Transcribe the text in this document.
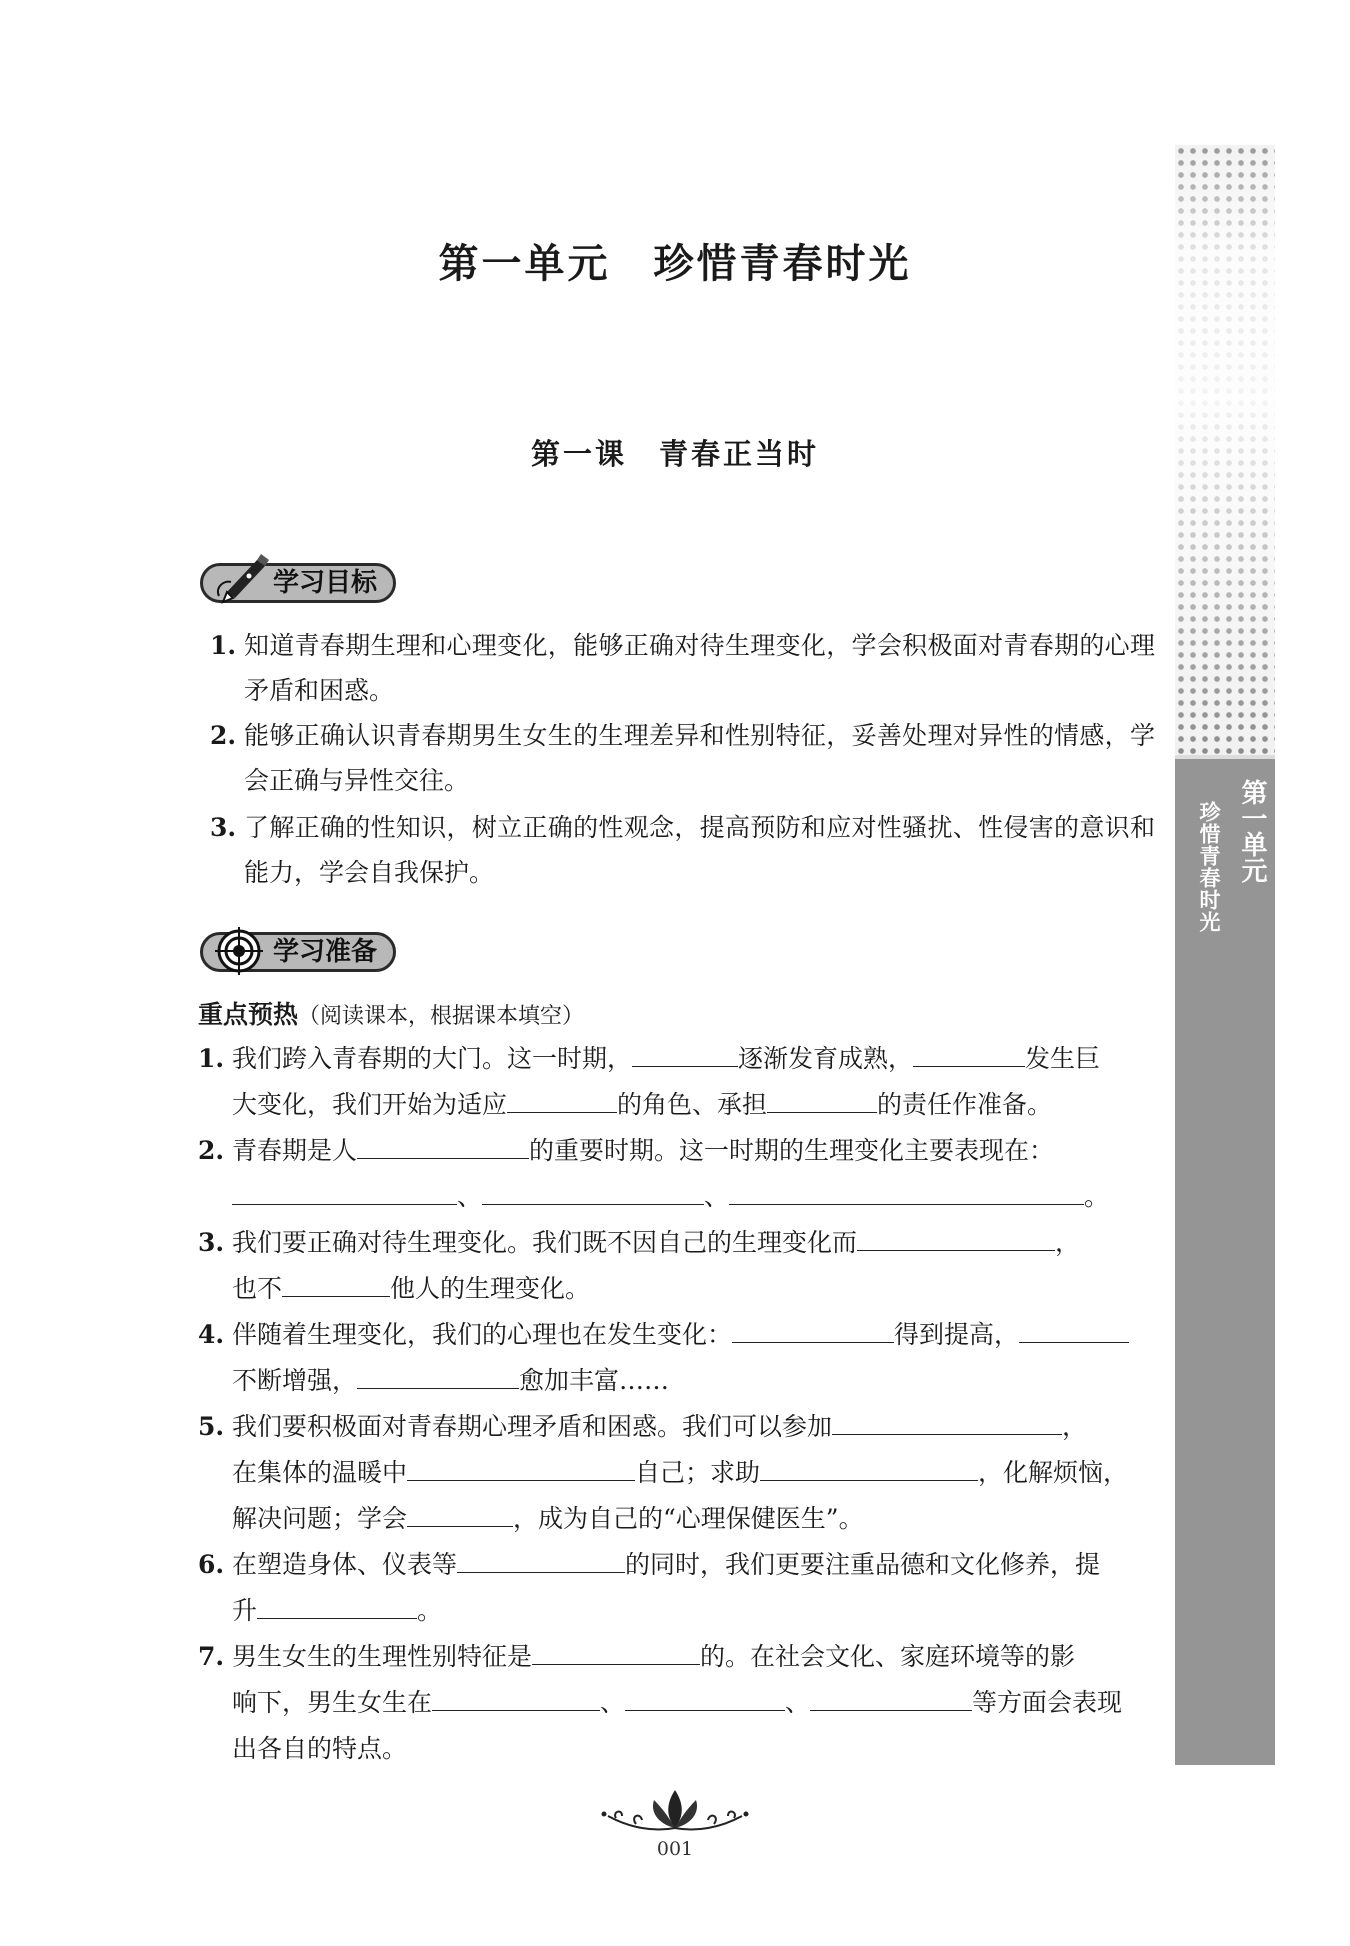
第一单元
珍惜青春时光
第一单元　珍惜青春时光
第一课　青春正当时
学习目标
1. 知道青春期生理和心理变化，能够正确对待生理变化，学会积极面对青春期的心理矛盾和困惑。
2. 能够正确认识青春期男生女生的生理差异和性别特征，妥善处理对异性的情感，学会正确与异性交往。
3. 了解正确的性知识，树立正确的性观念，提高预防和应对性骚扰、性侵害的意识和能力，学会自我保护。
学习准备
重点预热（阅读课本，根据课本填空）
1. 我们跨入青春期的大门。这一时期，	逐渐发育成熟，	发生巨
大变化，我们开始为适应	的角色、承担	的责任作准备。
2. 青春期是人	的重要时期。这一时期的生理变化主要表现在：
、	、	。
3. 我们要正确对待生理变化。我们既不因自己的生理变化而	，
也不	他人的生理变化。
4. 伴随着生理变化，我们的心理也在发生变化：	得到提高，
不断增强，	愈加丰富……
5. 我们要积极面对青春期心理矛盾和困惑。我们可以参加	，
在集体的温暖中	自己；求助	，化解烦恼，
解决问题；学会	，成为自己的“心理保健医生”。
6. 在塑造身体、仪表等	的同时，我们更要注重品德和文化修养，提
升	。
7. 男生女生的生理性别特征是	的。在社会文化、家庭环境等的影
响下，男生女生在	、	、	等方面会表现
出各自的特点。
001
